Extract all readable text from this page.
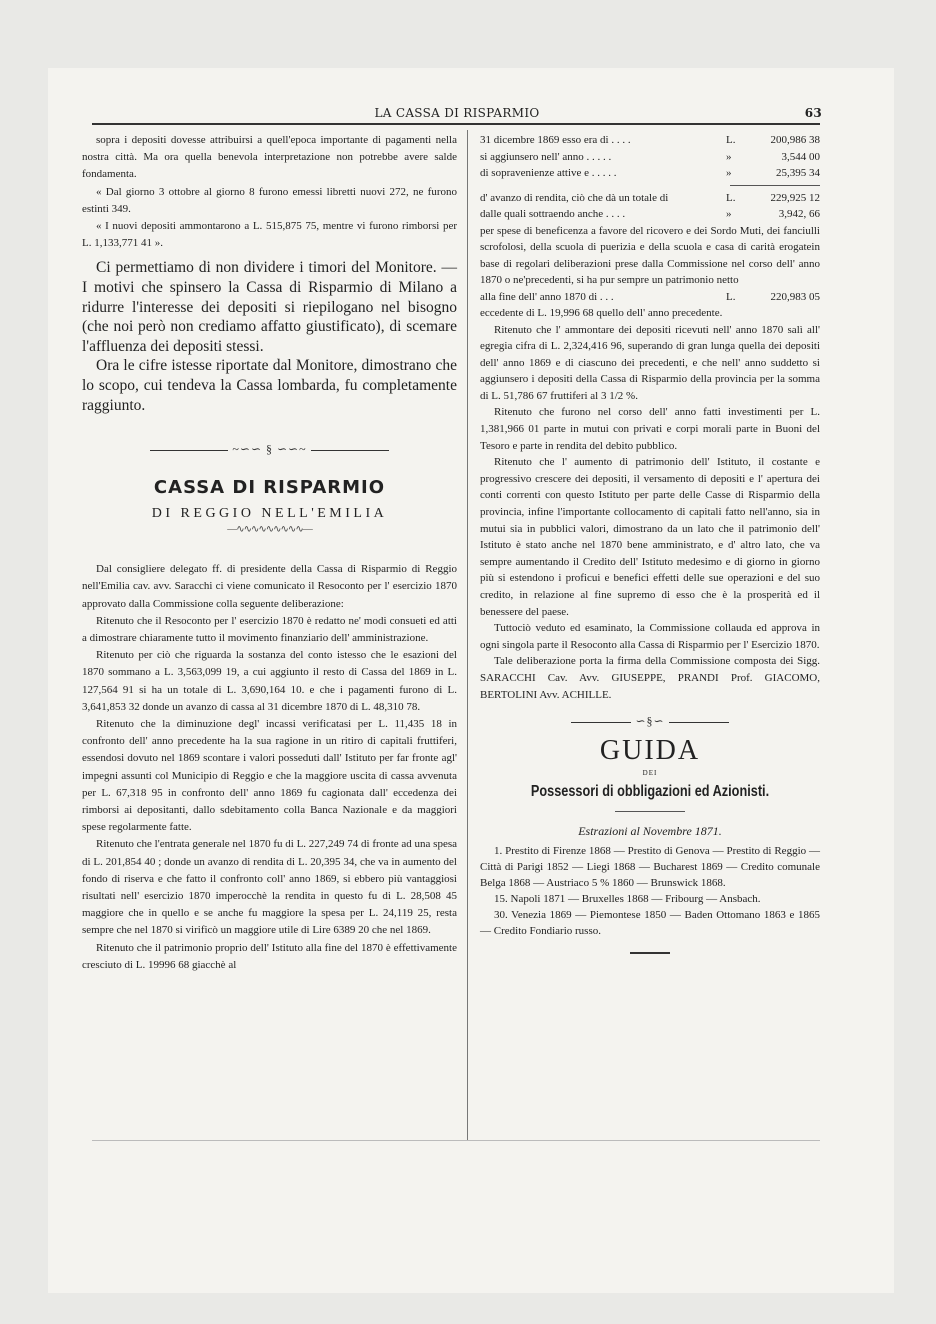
LA CASSA DI RISPARMIO	63

sopra i depositi dovesse attribuirsi a quell'epoca importante di pagamenti nella nostra città. Ma ora quella benevola interpretazione non potrebbe avere salde fondamenta.

« Dal giorno 3 ottobre al giorno 8 furono emessi libretti nuovi 272, ne furono estinti 349.

« I nuovi depositi ammontarono a L. 515,875 75, mentre vi furono rimborsi per L. 1,133,771 41 ».

Ci permettiamo di non dividere i timori del Monitore. — I motivi che spinsero la Cassa di Risparmio di Milano a ridurre l'interesse dei depositi si riepilogano nel bisogno (che noi però non crediamo affatto giustificato), di scemare l'affluenza dei depositi stessi.

Ora le cifre istesse riportate dal Monitore, dimostrano che lo scopo, cui tendeva la Cassa lombarda, fu completamente raggiunto.

~∽∽ § ∽∽~
CASSA DI RISPARMIO
DI REGGIO NELL'EMILIA
—∿∿∿∿∿∿∿∿∿—

Dal consigliere delegato ff. di presidente della Cassa di Risparmio di Reggio nell'Emilia cav. avv. Saracchi ci viene comunicato il Resoconto per l' esercizio 1870 approvato dalla Commissione colla seguente deliberazione:

Ritenuto che il Resoconto per l' esercizio 1870 è redatto ne' modi consueti ed atti a dimostrare chiaramente tutto il movimento finanziario dell' amministrazione.

Ritenuto per ciò che riguarda la sostanza del conto istesso che le esazioni del 1870 sommano a L. 3,563,099 19, a cui aggiunto il resto di Cassa del 1869 in L. 127,564 91 si ha un totale di L. 3,690,164 10. e che i pagamenti furono di L. 3,641,853 32 donde un avanzo di cassa al 31 dicembre 1870 di L. 48,310 78.

Ritenuto che la diminuzione degl' incassi verificatasi per L. 11,435 18 in confronto dell' anno precedente ha la sua ragione in un ritiro di capitali fruttiferi, essendosi dovuto nel 1869 scontare i valori posseduti dall' Istituto per far fronte agl' impegni assunti col Municipio di Reggio e che la maggiore uscita di cassa avvenuta per L. 67,318 95 in confronto dell' anno 1869 fu cagionata dall' eccedenza dei rimborsi ai depositanti, dallo sdebitamento colla Banca Nazionale e da maggiori spese regolarmente fatte.

Ritenuto che l'entrata generale nel 1870 fu di L. 227,249 74 di fronte ad una spesa di L. 201,854 40 ; donde un avanzo di rendita di L. 20,395 34, che va in aumento del fondo di riserva e che fatto il confronto coll' anno 1869, si ebbero più vantaggiosi risultati nell' esercizio 1870 imperocchè la rendita in questo fu di L. 28,508 45 maggiore che in quello e se anche fu maggiore la spesa per L. 24,119 25, resta sempre che nel 1870 si virificò un maggiore utile di Lire 6389 20 che nel 1869.

Ritenuto che il patrimonio proprio dell' Istituto alla fine del 1870 è effettivamente cresciuto di L. 19996 68 giacchè al

31 dicembre 1869 esso era di . . . .	L.	200,986 38
si aggiunsero nell' anno . . . . .	»	3,544 00
di sopravenienze attive e . . . . .	»	25,395 34
d' avanzo di rendita, ciò che dà un totale di	L.	229,925 12
dalle quali sottraendo anche . . . .	»	3,942, 66

per spese di beneficenza a favore del ricovero e dei Sordo Muti, dei fanciulli scrofolosi, della scuola di puerizia e della scuola e casa di carità erogatein base di regolari deliberazioni prese dalla Commissione nel corso dell' anno 1870 o ne'precedenti, si ha pur sempre un patrimonio netto

alla fine dell' anno 1870 di . . .	L.	220,983 05

eccedente di L. 19,996 68 quello dell' anno precedente.

Ritenuto che l' ammontare dei depositi ricevuti nell' anno 1870 salì all' egregia cifra di L. 2,324,416 96, superando di gran lunga quella dei depositi dell' anno 1869 e di ciascuno dei precedenti, e che nell' anno suddetto si aggiunsero i depositi della Cassa di Risparmio della provincia per la somma di L. 51,786 67 fruttiferi al 3 1/2 %.

Ritenuto che furono nel corso dell' anno fatti investimenti per L. 1,381,966 01 parte in mutui con privati e corpi morali parte in Buoni del Tesoro e parte in rendita del debito pubblico.

Ritenuto che l' aumento di patrimonio dell' Istituto, il costante e progressivo crescere dei depositi, il versamento di depositi e l' apertura dei conti correnti con questo Istituto per parte delle Casse di Risparmio della provincia, infine l'importante collocamento di capitali fatto nell'anno, sia in mutui sia in pubblici valori, dimostrano da un lato che il patrimonio dell' Istituto è stato anche nel 1870 bene amministrato, e d' altro lato, che va sempre aumentando il Credito dell' Istituto medesimo e di giorno in giorno più si estendono i proficui e benefici effetti delle sue operazioni e del suo credito, in relazione al fine supremo di esso che è la prosperità ed il benessere del paese.

Tuttociò veduto ed esaminato, la Commissione collauda ed approva in ogni singola parte il Resoconto alla Cassa di Risparmio per l' Esercizio 1870.

Tale deliberazione porta la firma della Commissione composta dei Sigg. SARACCHI Cav. Avv. GIUSEPPE, PRANDI Prof. GIACOMO, BERTOLINI Avv. ACHILLE.

∽§∽
GUIDA
DEI
Possessori di obbligazioni ed Azionisti.
Estrazioni al Novembre 1871.

1. Prestito di Firenze 1868 — Prestito di Genova — Prestito di Reggio — Città di Parigi 1852 — Liegi 1868 — Bucharest 1869 — Credito comunale Belga 1868 — Austriaco 5 % 1860 — Brunswick 1868.

15. Napoli 1871 — Bruxelles 1868 — Fribourg — Ansbach.

30. Venezia 1869 — Piemontese 1850 — Baden Ottomano 1863 e 1865 — Credito Fondiario russo.
